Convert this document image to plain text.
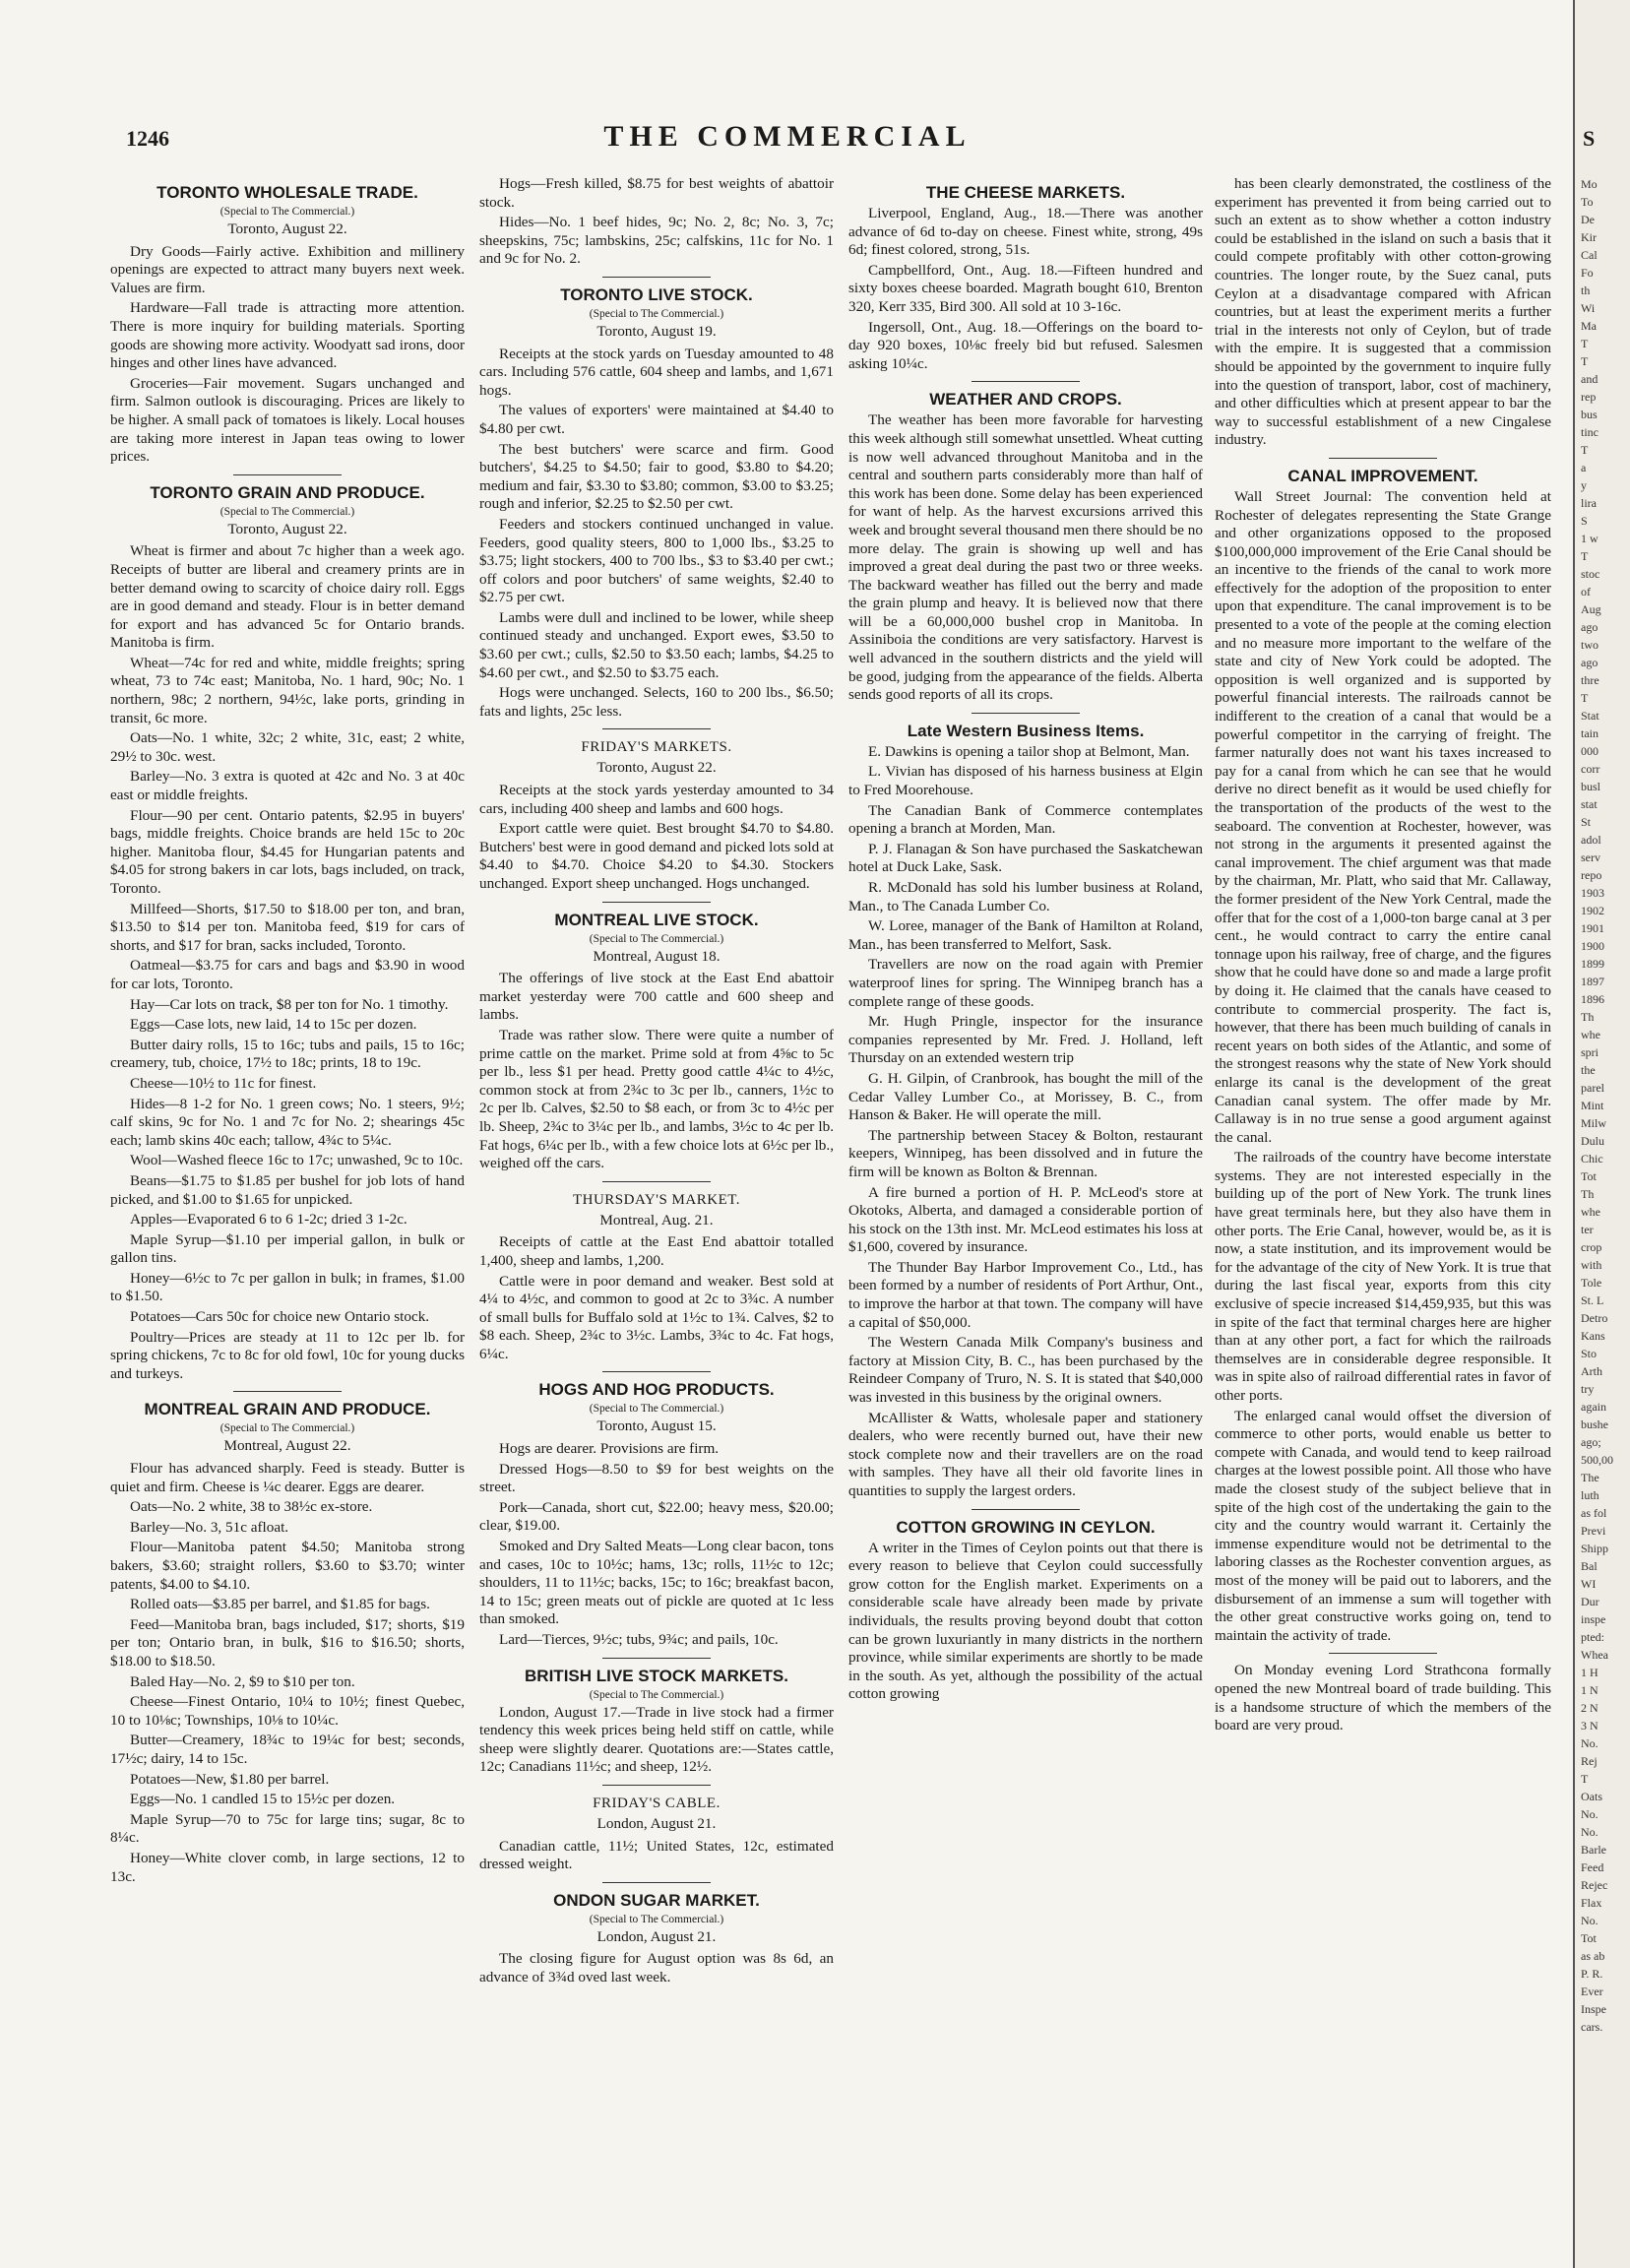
1246	THE COMMERCIAL
TORONTO WHOLESALE TRADE.
(Special to The Commercial.)
Toronto, August 22.

Dry Goods—Fairly active. Exhibition and millinery openings are expected to attract many buyers next week. Values are firm.

Hardware—Fall trade is attracting more attention. There is more inquiry for building materials. Sporting goods are showing more activity. Woodyatt sad irons, door hinges and other lines have advanced.

Groceries—Fair movement. Sugars unchanged and firm. Salmon outlook is discouraging. Prices are likely to be higher. A small pack of tomatoes is likely. Local houses are taking more interest in Japan teas owing to lower prices.

TORONTO GRAIN AND PRODUCE.
(Special to The Commercial.)
Toronto, August 22.

Wheat is firmer and about 7c higher than a week ago. Receipts of butter are liberal and creamery prints are in better demand owing to scarcity of choice dairy roll. Eggs are in good demand and steady. Flour is in better demand for export and has advanced 5c for Ontario brands. Manitoba is firm.

Wheat—74c for red and white, middle freights; spring wheat, 73 to 74c east; Manitoba, No. 1 hard, 90c; No. 1 northern, 98c; 2 northern, 94½c, lake ports, grinding in transit, 6c more.

Oats—No. 1 white, 32c; 2 white, 31c, east; 2 white, 29½ to 30c. west.

Barley—No. 3 extra is quoted at 42c and No. 3 at 40c east or middle freights.

Flour—90 per cent. Ontario patents, $2.95 in buyers' bags, middle freights. Choice brands are held 15c to 20c higher. Manitoba flour, $4.45 for Hungarian patents and $4.05 for strong bakers in car lots, bags included, on track, Toronto.

Millfeed—Shorts, $17.50 to $18.00 per ton, and bran, $13.50 to $14 per ton. Manitoba feed, $19 for cars of shorts, and $17 for bran, sacks included, Toronto.

Oatmeal—$3.75 for cars and bags and $3.90 in wood for car lots, Toronto.

Hay—Car lots on track, $8 per ton for No. 1 timothy.

Eggs—Case lots, new laid, 14 to 15c per dozen.

Butter dairy rolls, 15 to 16c; tubs and pails, 15 to 16c; creamery, tub, choice, 17½ to 18c; prints, 18 to 19c.

Cheese—10½ to 11c for finest.

Hides—8 1-2 for No. 1 green cows; No. 1 steers, 9½; calf skins, 9c for No. 1 and 7c for No. 2; shearings 45c each; lamb skins 40c each; tallow, 4¾c to 5¼c.

Wool—Washed fleece 16c to 17c; unwashed, 9c to 10c.

Beans—$1.75 to $1.85 per bushel for job lots of hand picked, and $1.00 to $1.65 for unpicked.

Apples—Evaporated 6 to 6 1-2c; dried 3 1-2c.

Maple Syrup—$1.10 per imperial gallon, in bulk or gallon tins.

Honey—6½c to 7c per gallon in bulk; in frames, $1.00 to $1.50.

Potatoes—Cars 50c for choice new Ontario stock.

Poultry—Prices are steady at 11 to 12c per lb. for spring chickens, 7c to 8c for old fowl, 10c for young ducks and turkeys.

MONTREAL GRAIN AND PRODUCE.
(Special to The Commercial.)
Montreal, August 22.

Flour has advanced sharply. Feed is steady. Butter is quiet and firm. Cheese is ¼c dearer. Eggs are dearer.

Oats—No. 2 white, 38 to 38½c ex-store.

Barley—No. 3, 51c afloat.

Flour—Manitoba patent $4.50; Manitoba strong bakers, $3.60; straight rollers, $3.60 to $3.70; winter patents, $4.00 to $4.10.

Rolled oats—$3.85 per barrel, and $1.85 for bags.

Feed—Manitoba bran, bags included, $17; shorts, $19 per ton; Ontario bran, in bulk, $16 to $16.50; shorts, $18.00 to $18.50.

Baled Hay—No. 2, $9 to $10 per ton.

Cheese—Finest Ontario, 10¼ to 10½; finest Quebec, 10 to 10⅛c; Townships, 10⅛ to 10¼c.

Butter—Creamery, 18¾c to 19¼c for best; seconds, 17½c; dairy, 14 to 15c.

Potatoes—New, $1.80 per barrel.

Eggs—No. 1 candled 15 to 15½c per dozen.

Maple Syrup—70 to 75c for large tins; sugar, 8c to 8¼c.

Honey—White clover comb, in large sections, 12 to 13c.

Hogs—Fresh killed, $8.75 for best weights of abattoir stock.

Hides—No. 1 beef hides, 9c; No. 2, 8c; No. 3, 7c; sheepskins, 75c; lambskins, 25c; calfskins, 11c for No. 1 and 9c for No. 2.

TORONTO LIVE STOCK.
(Special to The Commercial.)
Toronto, August 19.

Receipts at the stock yards on Tuesday amounted to 48 cars. Including 576 cattle, 604 sheep and lambs, and 1,671 hogs.

The values of exporters' were maintained at $4.40 to $4.80 per cwt.

The best butchers' were scarce and firm. Good butchers', $4.25 to $4.50; fair to good, $3.80 to $4.20; medium and fair, $3.30 to $3.80; common, $3.00 to $3.25; rough and inferior, $2.25 to $2.50 per cwt.

Feeders and stockers continued unchanged in value. Feeders, good quality steers, 800 to 1,000 lbs., $3.25 to $3.75; light stockers, 400 to 700 lbs., $3 to $3.40 per cwt.; off colors and poor butchers' of same weights, $2.40 to $2.75 per cwt.

Lambs were dull and inclined to be lower, while sheep continued steady and unchanged. Export ewes, $3.50 to $3.60 per cwt.; culls, $2.50 to $3.50 each; lambs, $4.25 to $4.60 per cwt., and $2.50 to $3.75 each.

Hogs were unchanged. Selects, 160 to 200 lbs., $6.50; fats and lights, 25c less.

FRIDAY'S MARKETS.
Toronto, August 22.

Receipts at the stock yards yesterday amounted to 34 cars, including 400 sheep and lambs and 600 hogs.

Export cattle were quiet. Best brought $4.70 to $4.80. Butchers' best were in good demand and picked lots sold at $4.40 to $4.70. Choice $4.20 to $4.30. Stockers unchanged. Export sheep unchanged. Hogs unchanged.

MONTREAL LIVE STOCK.
(Special to The Commercial.)
Montreal, August 18.

The offerings of live stock at the East End abattoir market yesterday were 700 cattle and 600 sheep and lambs.

Trade was rather slow. There were quite a number of prime cattle on the market. Prime sold at from 4⅝c to 5c per lb., less $1 per head. Pretty good cattle 4¼c to 4½c, common stock at from 2¾c to 3c per lb., canners, 1½c to 2c per lb. Calves, $2.50 to $8 each, or from 3c to 4½c per lb. Sheep, 2¾c to 3¼c per lb., and lambs, 3½c to 4c per lb. Fat hogs, 6¼c per lb., with a few choice lots at 6½c per lb., weighed off the cars.

THURSDAY'S MARKET.
Montreal, Aug. 21.

Receipts of cattle at the East End abattoir totalled 1,400, sheep and lambs, 1,200.

Cattle were in poor demand and weaker. Best sold at 4¼ to 4½c, and common to good at 2c to 3¾c. A number of small bulls for Buffalo sold at 1½c to 1¾. Calves, $2 to $8 each. Sheep, 2¾c to 3½c. Lambs, 3¾c to 4c. Fat hogs, 6¼c.

HOGS AND HOG PRODUCTS.
(Special to The Commercial.)
Toronto, August 15.

Hogs are dearer. Provisions are firm.

Dressed Hogs—8.50 to $9 for best weights on the street.

Pork—Canada, short cut, $22.00; heavy mess, $20.00; clear, $19.00.

Smoked and Dry Salted Meats—Long clear bacon, tons and cases, 10c to 10½c; hams, 13c; rolls, 11½c to 12c; shoulders, 11 to 11½c; backs, 15c; to 16c; breakfast bacon, 14 to 15c; green meats out of pickle are quoted at 1c less than smoked.

Lard—Tierces, 9½c; tubs, 9¾c; and pails, 10c.

BRITISH LIVE STOCK MARKETS.
(Special to The Commercial.)

London, August 17.—Trade in live stock had a firmer tendency this week prices being held stiff on cattle, while sheep were slightly dearer. Quotations are:—States cattle, 12c; Canadians 11½c; and sheep, 12½.

FRIDAY'S CABLE.
London, August 21.

Canadian cattle, 11½; United States, 12c, estimated dressed weight.

ONDON SUGAR MARKET.
(Special to The Commercial.)
London, August 21.

The closing figure for August option was 8s 6d, an advance of 3¾d oved last week.

THE CHEESE MARKETS.

Liverpool, England, Aug., 18.—There was another advance of 6d to-day on cheese. Finest white, strong, 49s 6d; finest colored, strong, 51s.

Campbellford, Ont., Aug. 18.—Fifteen hundred and sixty boxes cheese boarded. Magrath bought 610, Brenton 320, Kerr 335, Bird 300. All sold at 10 3-16c.

Ingersoll, Ont., Aug. 18.—Offerings on the board to-day 920 boxes, 10⅛c freely bid but refused. Salesmen asking 10¼c.

WEATHER AND CROPS.

The weather has been more favorable for harvesting this week although still somewhat unsettled. Wheat cutting is now well advanced throughout Manitoba and in the central and southern parts considerably more than half of this work has been done. Some delay has been experienced for want of help. As the harvest excursions arrived this week and brought several thousand men there should be no more delay. The grain is showing up well and has improved a great deal during the past two or three weeks. The backward weather has filled out the berry and made the grain plump and heavy. It is believed now that there will be a 60,000,000 bushel crop in Manitoba. In Assiniboia the conditions are very satisfactory. Harvest is well advanced in the southern districts and the yield will be good, judging from the appearance of the fields. Alberta sends good reports of all its crops.

Late Western Business Items.

E. Dawkins is opening a tailor shop at Belmont, Man.

L. Vivian has disposed of his harness business at Elgin to Fred Moorehouse.

The Canadian Bank of Commerce contemplates opening a branch at Morden, Man.

P. J. Flanagan & Son have purchased the Saskatchewan hotel at Duck Lake, Sask.

R. McDonald has sold his lumber business at Roland, Man., to The Canada Lumber Co.

W. Loree, manager of the Bank of Hamilton at Roland, Man., has been transferred to Melfort, Sask.

Travellers are now on the road again with Premier waterproof lines for spring. The Winnipeg branch has a complete range of these goods.

Mr. Hugh Pringle, inspector for the insurance companies represented by Mr. Fred. J. Holland, left Thursday on an extended western trip

G. H. Gilpin, of Cranbrook, has bought the mill of the Cedar Valley Lumber Co., at Morissey, B. C., from Hanson & Baker. He will operate the mill.

The partnership between Stacey & Bolton, restaurant keepers, Winnipeg, has been dissolved and in future the firm will be known as Bolton & Brennan.

A fire burned a portion of H. P. McLeod's store at Okotoks, Alberta, and damaged a considerable portion of his stock on the 13th inst. Mr. McLeod estimates his loss at $1,600, covered by insurance.

The Thunder Bay Harbor Improvement Co., Ltd., has been formed by a number of residents of Port Arthur, Ont., to improve the harbor at that town. The company will have a capital of $50,000.

The Western Canada Milk Company's business and factory at Mission City, B. C., has been purchased by the Reindeer Company of Truro, N. S. It is stated that $40,000 was invested in this business by the original owners.

McAllister & Watts, wholesale paper and stationery dealers, who were recently burned out, have their new stock complete now and their travellers are on the road with samples. They have all their old favorite lines in quantities to supply the largest orders.

COTTON GROWING IN CEYLON.

A writer in the Times of Ceylon points out that there is every reason to believe that Ceylon could successfully grow cotton for the English market. Experiments on a considerable scale have already been made by private individuals, the results proving beyond doubt that cotton can be grown luxuriantly in many districts in the northern province, while similar experiments are shortly to be made in the south. As yet, although the possibility of the actual cotton growing

has been clearly demonstrated, the costliness of the experiment has prevented it from being carried out to such an extent as to show whether a cotton industry could be established in the island on such a basis that it could compete profitably with other cotton-growing countries. The longer route, by the Suez canal, puts Ceylon at a disadvantage compared with African countries, but at least the experiment merits a further trial in the interests not only of Ceylon, but of trade with the empire. It is suggested that a commission should be appointed by the government to inquire fully into the question of transport, labor, cost of machinery, and other difficulties which at present appear to bar the way to successful establishment of a new Cingalese industry.

CANAL IMPROVEMENT.

Wall Street Journal: The convention held at Rochester of delegates representing the State Grange and other organizations opposed to the proposed $100,000,000 improvement of the Erie Canal should be an incentive to the friends of the canal to work more effectively for the adoption of the proposition to enter upon that expenditure. The canal improvement is to be presented to a vote of the people at the coming election and no measure more important to the welfare of the state and city of New York could be adopted. The opposition is well organized and is supported by powerful financial interests. The railroads cannot be indifferent to the creation of a canal that would be a powerful competitor in the carrying of freight. The farmer naturally does not want his taxes increased to pay for a canal from which he can see that he would derive no direct benefit as it would be used chiefly for the transportation of the products of the west to the seaboard. The convention at Rochester, however, was not strong in the arguments it presented against the canal improvement. The chief argument was that made by the chairman, Mr. Platt, who said that Mr. Callaway, the former president of the New York Central, made the offer that for the cost of a 1,000-ton barge canal at 3 per cent., he would contract to carry the entire canal tonnage upon his railway, free of charge, and the figures show that he could have done so and made a large profit by doing it. He claimed that the canals have ceased to contribute to commercial prosperity. The fact is, however, that there has been much building of canals in recent years on both sides of the Atlantic, and some of the strongest reasons why the state of New York should enlarge its canal is the development of the great Canadian canal system. The offer made by Mr. Callaway is in no true sense a good argument against the canal.

The railroads of the country have become interstate systems. They are not interested especially in the building up of the port of New York. The trunk lines have great terminals here, but they also have them in other ports. The Erie Canal, however, would be, as it is now, a state institution, and its improvement would be for the advantage of the city of New York. It is true that during the last fiscal year, exports from this city exclusive of specie increased $14,459,935, but this was in spite of the fact that terminal charges here are higher than at any other port, a fact for which the railroads themselves are in considerable degree responsible. It was in spite also of railroad differential rates in favor of other ports.

The enlarged canal would offset the diversion of commerce to other ports, would enable us better to compete with Canada, and would tend to keep railroad charges at the lowest possible point. All those who have made the closest study of the subject believe that in spite of the high cost of the undertaking the gain to the city and the country would warrant it. Certainly the immense expenditure would not be detrimental to the laboring classes as the Rochester convention argues, as most of the money will be paid out to laborers, and the disbursement of an immense a sum will together with the other great constructive works going on, tend to maintain the activity of trade.

On Monday evening Lord Strathcona formally opened the new Montreal board of trade building. This is a handsome structure of which the members of the board are very proud.

S
Mo
To
De
Kir
Cal
Fo
th
Wi
Ma
T
T
and
rep
bus
tinc
T
a
y
lira
S
1 w
T
stoc
of
Aug
ago
two
ago
thre
T
Stat
tain
000
corr
busl
stat
St
adol
serv
repo
1903
1902
1901
1900
1899
1897
1896
Th
whe
spri
the
parel
Mint
Milw
Dulu
Chic
Tot
Th
whe
ter
crop
with
Tole
St. L
Detro
Kans
Sto
Arth
try
again
bushe
ago;
500,00
The
luth
as fol
Previ
Shipp
Bal
WI
Dur
inspe
pted:
Whea
1 H
1 N
2 N
3 N
No.
Rej
T
Oats
No.
No.
Barle
Feed
Rejec
Flax
No.
Tot
as ab
P. R.
Ever
Inspe
cars.
